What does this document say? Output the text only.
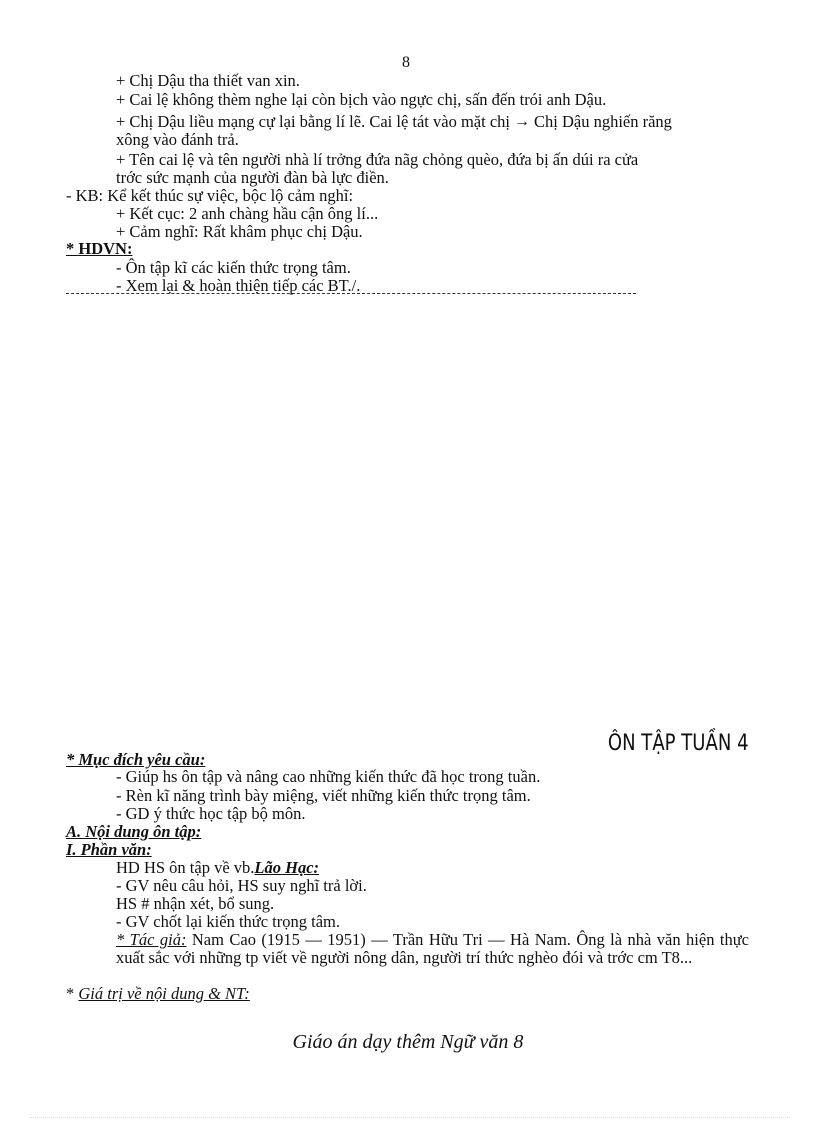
8
+ Chị Dậu tha thiết van xin.
+ Cai lệ không thèm nghe lại còn bịch vào ngực chị, sấn đến trói anh Dậu.
+ Chị Dậu liều mạng cự lại bằng lí lẽ. Cai lệ tát vào mặt chị → Chị Dậu nghiến răng
xông vào đánh trả.
+ Tên cai lệ và tên người nhà lí trởng đứa nãg chỏng quèo, đứa bị ấn dúi ra cửa
trớc sức mạnh của người đàn bà lực điền.
- KB: Kể kết thúc sự việc, bộc lộ cảm nghĩ:
+ Kết cục: 2 anh chàng hầu cận ông lí...
+ Cảm nghĩ: Rất khâm phục chị Dậu.
* HDVN:
- Ôn tập kĩ các kiến thức trọng tâm.
- Xem lại & hoàn thiện tiếp các BT./.
ÔN TẬP TUẦN 4
* Mục đích yêu cầu:
- Giúp hs ôn tập và nâng cao những kiến thức đã học trong tuần.
- Rèn kĩ năng trình bày miệng, viết những kiến thức trọng tâm.
- GD ý thức học tập bộ môn.
A. Nội dung ôn tập:
I. Phần văn:
HD HS ôn tập về vb.Lão Hạc:
- GV nêu câu hỏi, HS suy nghĩ trả lời.
HS # nhận xét, bổ sung.
- GV chốt lại kiến thức trọng tâm.
* Tác giả: Nam Cao (1915 — 1951) — Trần Hữu Tri — Hà Nam. Ông là nhà văn hiện thực xuất sắc với những tp viết về người nông dân, người trí thức nghèo đói và trớc cm T8...
* Giá trị về nội dung & NT:
Giáo án dạy thêm Ngữ văn 8
